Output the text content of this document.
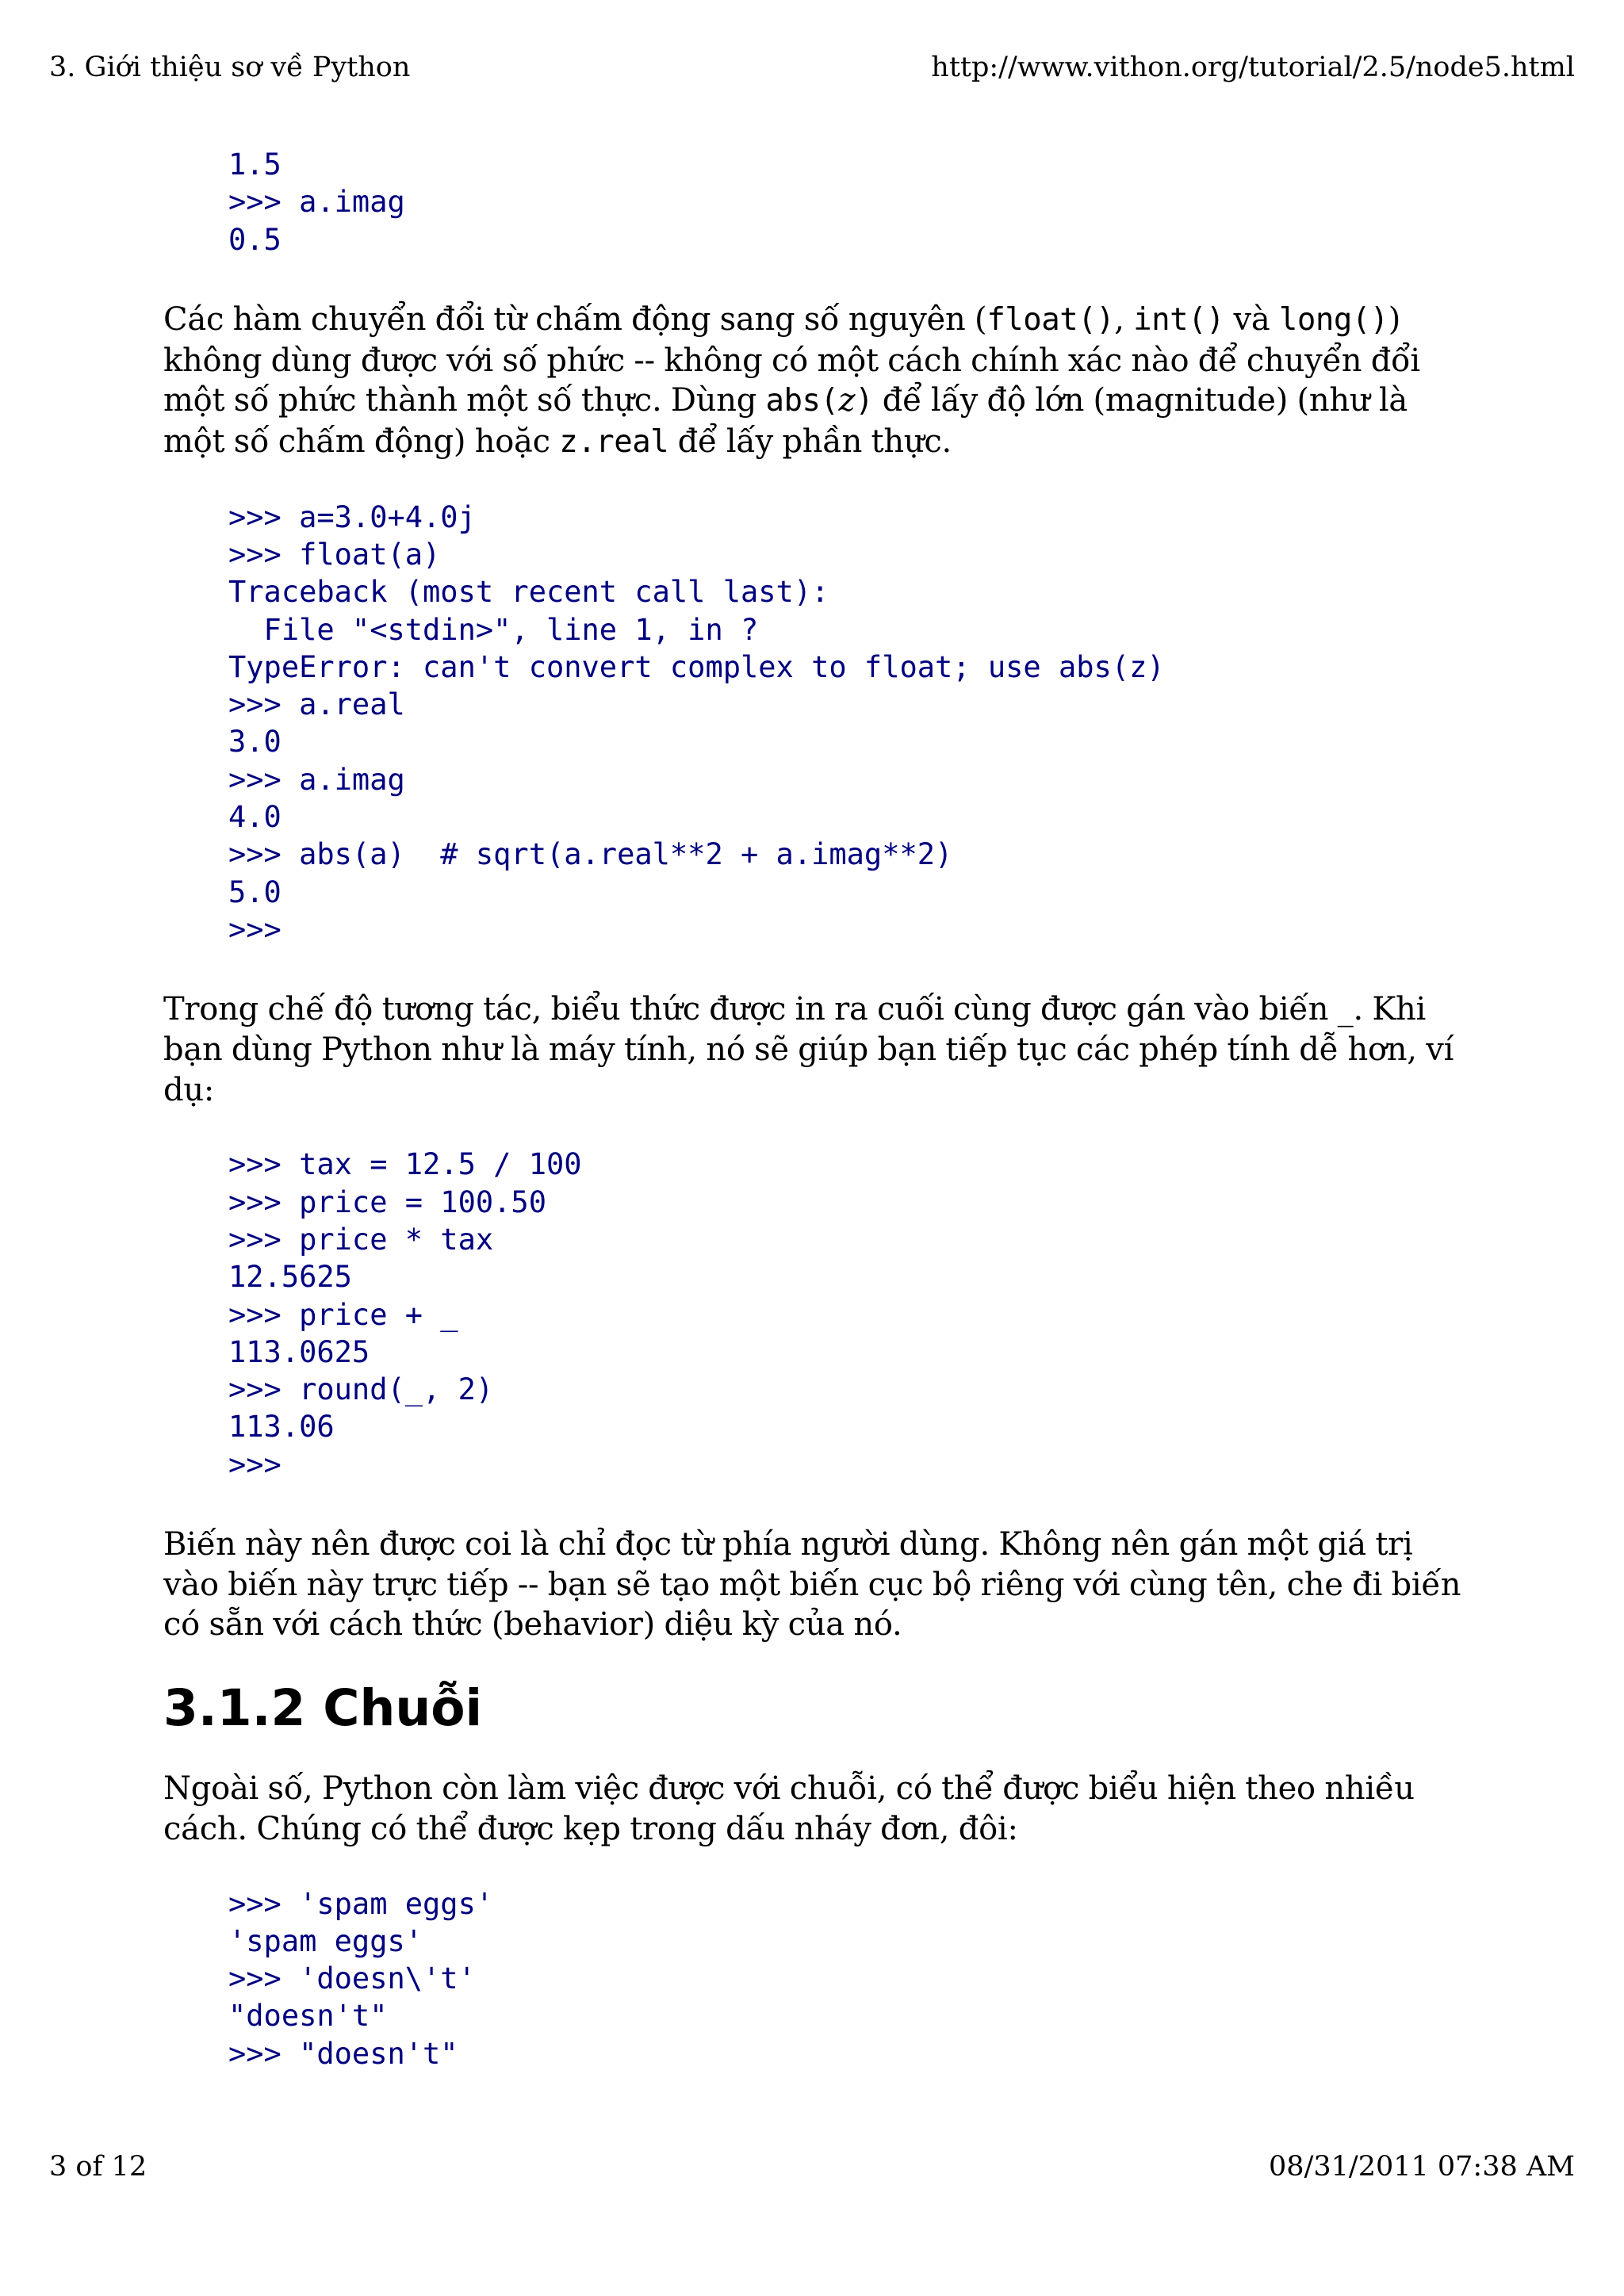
3. Giới thiệu sơ về Python	http://www.vithon.org/tutorial/2.5/node5.html
1.5
>>> a.imag
0.5

Các hàm chuyển đổi từ chấm động sang số nguyên (float(), int() và long()) không dùng được với số phức -- không có một cách chính xác nào để chuyển đổi một số phức thành một số thực. Dùng abs(z) để lấy độ lớn (magnitude) (như là một số chấm động) hoặc z.real để lấy phần thực.

>>> a=3.0+4.0j
>>> float(a)
Traceback (most recent call last):
File "<stdin>", line 1, in ?
TypeError: can't convert complex to float; use abs(z)
>>> a.real
3.0
>>> a.imag
4.0
>>> abs(a)  # sqrt(a.real**2 + a.imag**2)
5.0
>>>

Trong chế độ tương tác, biểu thức được in ra cuối cùng được gán vào biến _. Khi bạn dùng Python như là máy tính, nó sẽ giúp bạn tiếp tục các phép tính dễ hơn, ví dụ:

>>> tax = 12.5 / 100
>>> price = 100.50
>>> price * tax
12.5625
>>> price + _
113.0625
>>> round(_, 2)
113.06
>>>

Biến này nên được coi là chỉ đọc từ phía người dùng. Không nên gán một giá trị vào biến này trực tiếp -- bạn sẽ tạo một biến cục bộ riêng với cùng tên, che đi biến có sẵn với cách thức (behavior) diệu kỳ của nó.

3.1.2 Chuỗi

Ngoài số, Python còn làm việc được với chuỗi, có thể được biểu hiện theo nhiều cách. Chúng có thể được kẹp trong dấu nháy đơn, đôi:

>>> 'spam eggs'
'spam eggs'
>>> 'doesn\'t'
"doesn't"
>>> "doesn't"
3 of 12	08/31/2011 07:38 AM
